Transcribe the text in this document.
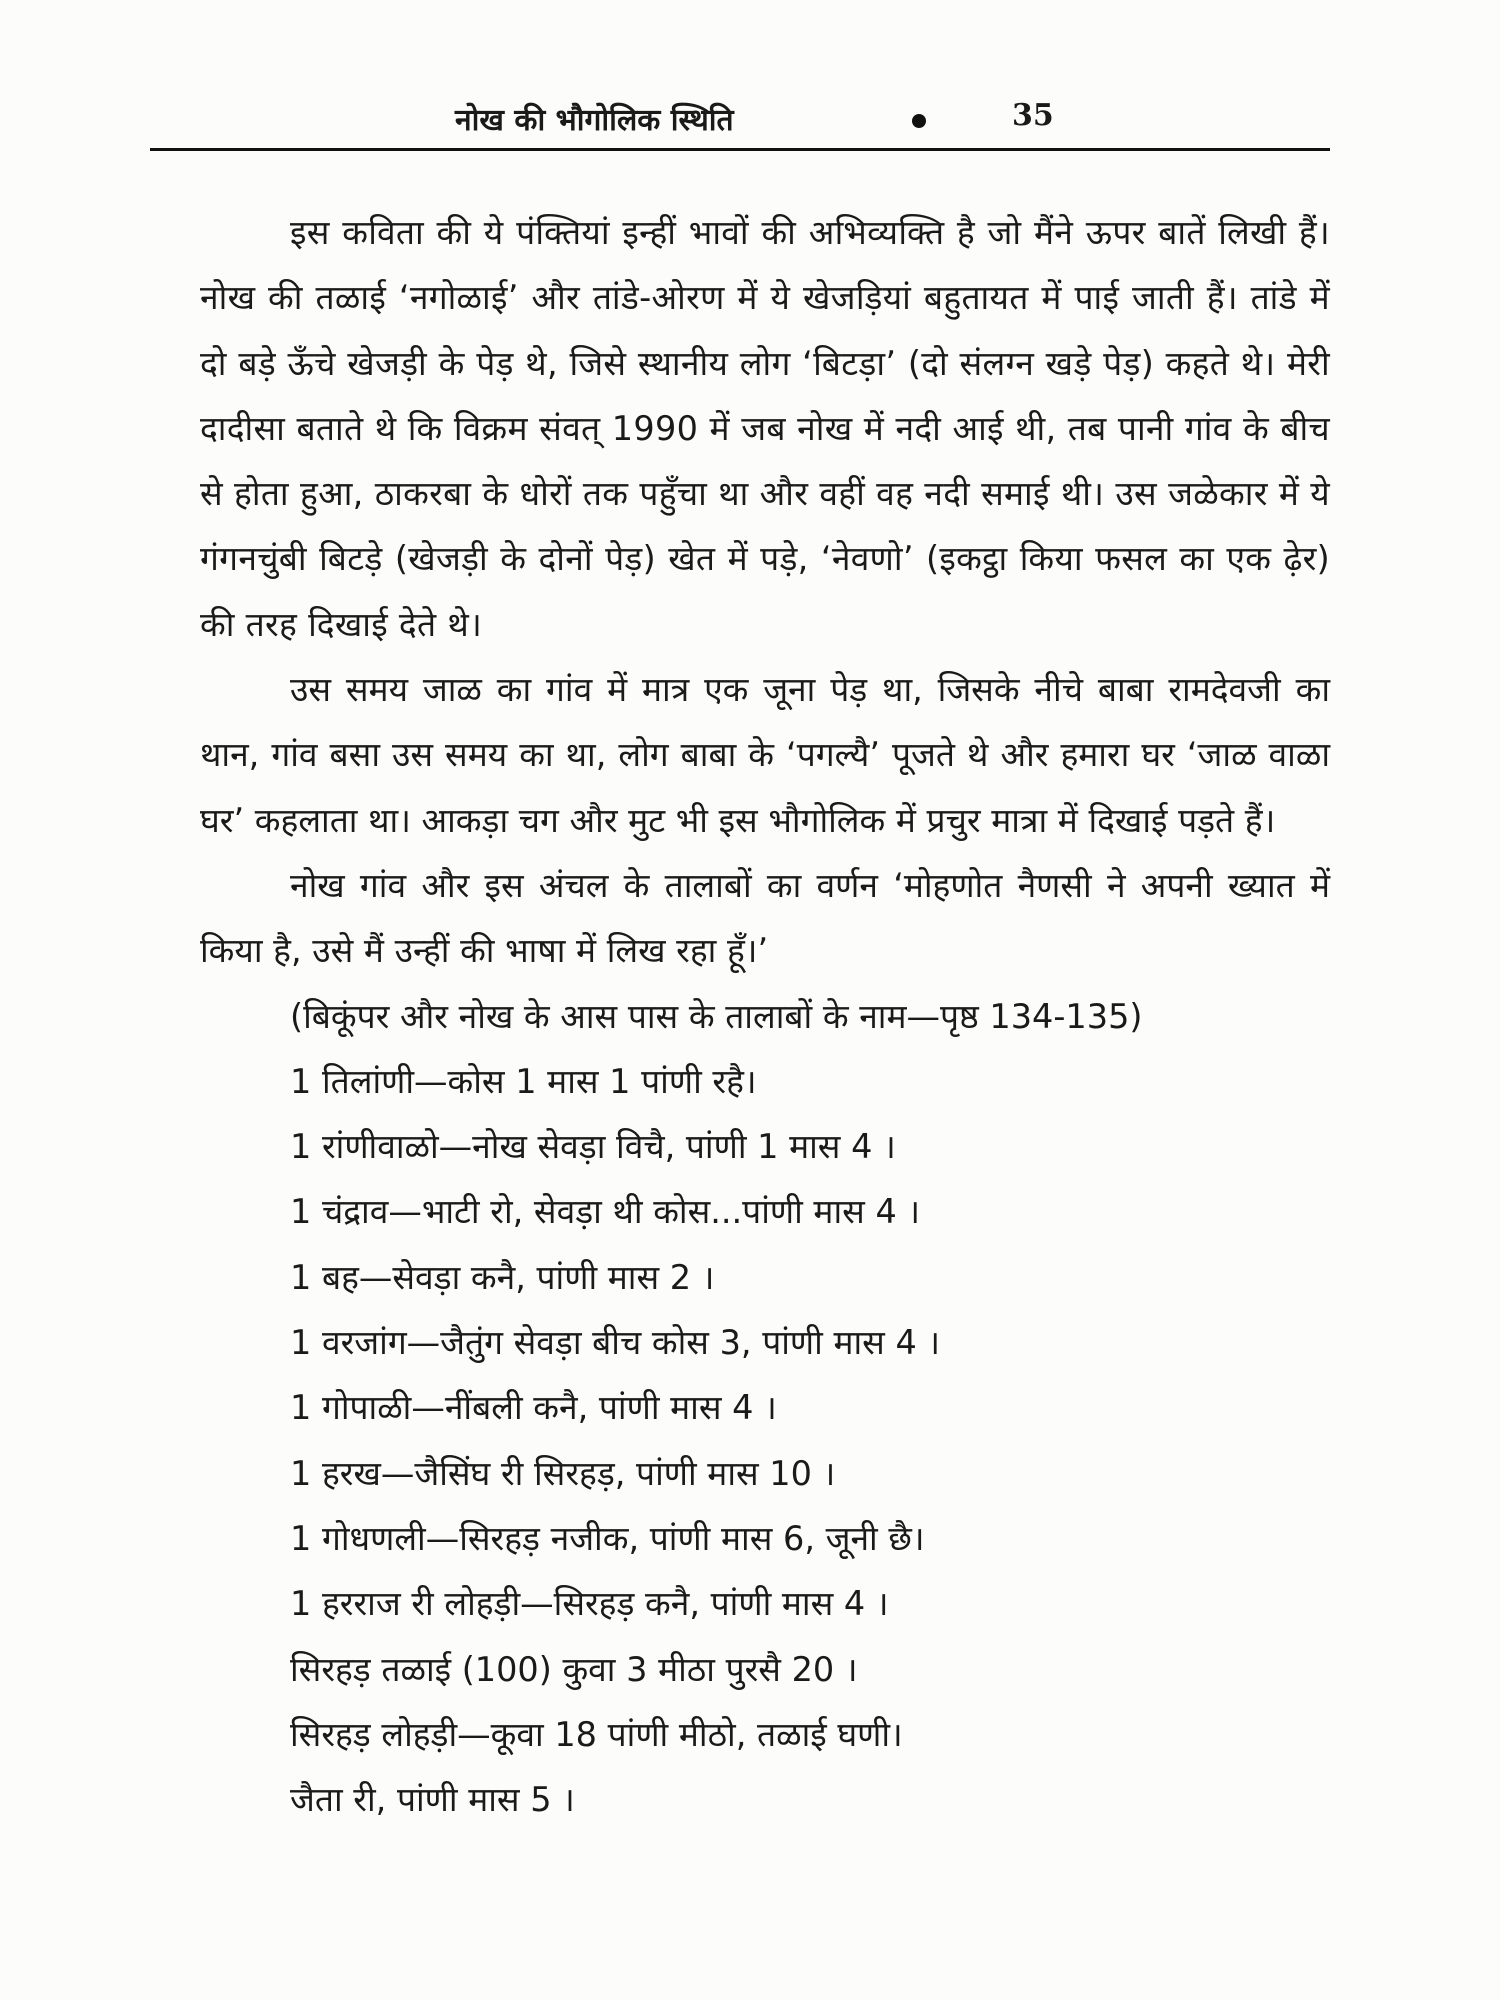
नोख की भौगोलिक स्थिति	35

इस कविता की ये पंक्तियां इन्हीं भावों की अभिव्यक्ति है जो मैंने ऊपर बातें लिखी हैं। नोख की तळाई ‘नगोळाई’ और तांडे-ओरण में ये खेजड़ियां बहुतायत में पाई जाती हैं। तांडे में दो बड़े ऊँचे खेजड़ी के पेड़ थे, जिसे स्थानीय लोग ‘बिटड़ा’ (दो संलग्न खड़े पेड़) कहते थे। मेरी दादीसा बताते थे कि विक्रम संवत् 1990 में जब नोख में नदी आई थी, तब पानी गांव के बीच से होता हुआ, ठाकरबा के धोरों तक पहुँचा था और वहीं वह नदी समाई थी। उस जळेकार में ये गंगनचुंबी बिटड़े (खेजड़ी के दोनों पेड़) खेत में पड़े, ‘नेवणो’ (इकट्ठा किया फसल का एक ढ़ेर) की तरह दिखाई देते थे।

उस समय जाळ का गांव में मात्र एक जूना पेड़ था, जिसके नीचे बाबा रामदेवजी का थान, गांव बसा उस समय का था, लोग बाबा के ‘पगल्यै’ पूजते थे और हमारा घर ‘जाळ वाळा घर’ कहलाता था। आकड़ा चग और मुट भी इस भौगोलिक में प्रचुर मात्रा में दिखाई पड़ते हैं।

नोख गांव और इस अंचल के तालाबों का वर्णन ‘मोहणोत नैणसी ने अपनी ख्यात में किया है, उसे मैं उन्हीं की भाषा में लिख रहा हूँ।’

(बिकूंपर और नोख के आस पास के तालाबों के नाम—पृष्ठ 134-135)

1 तिलांणी—कोस 1 मास 1 पांणी रहै।

1 रांणीवाळो—नोख सेवड़ा विचै, पांणी 1 मास 4 ।

1 चंद्राव—भाटी रो, सेवड़ा थी कोस...पांणी मास 4 ।

1 बह—सेवड़ा कनै, पांणी मास 2 ।

1 वरजांग—जैतुंग सेवड़ा बीच कोस 3, पांणी मास 4 ।

1 गोपाळी—नींबली कनै, पांणी मास 4 ।

1 हरख—जैसिंघ री सिरहड़, पांणी मास 10 ।

1 गोधणली—सिरहड़ नजीक, पांणी मास 6, जूनी छै।

1 हरराज री लोहड़ी—सिरहड़ कनै, पांणी मास 4 ।

सिरहड़ तळाई (100) कुवा 3 मीठा पुरसै 20 ।

सिरहड़ लोहड़ी—कूवा 18 पांणी मीठो, तळाई घणी।

जैता री, पांणी मास 5 ।
